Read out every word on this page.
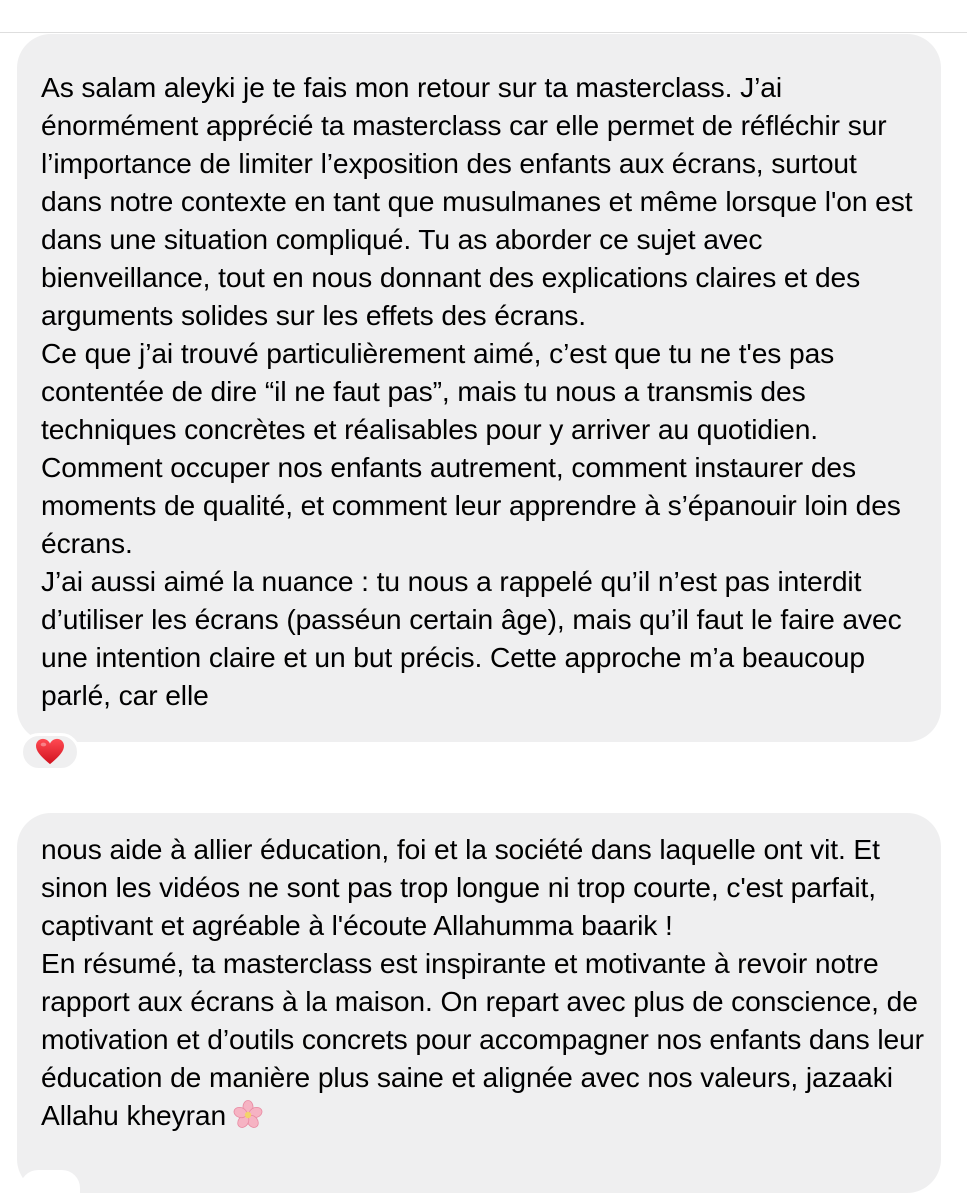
As salam aleyki je te fais mon retour sur ta masterclass. J’ai énormément apprécié ta masterclass car elle permet de réfléchir sur l’importance de limiter l’exposition des enfants aux écrans, surtout dans notre contexte en tant que musulmanes et même lorsque l'on est dans une situation compliqué. Tu as aborder ce sujet avec bienveillance, tout en nous donnant des explications claires et des arguments solides sur les effets des écrans.

Ce que j’ai trouvé particulièrement aimé, c’est que tu ne t'es pas contentée de dire “il ne faut pas”, mais tu nous a transmis des techniques concrètes et réalisables pour y arriver au quotidien. Comment occuper nos enfants autrement, comment instaurer des moments de qualité, et comment leur apprendre à s’épanouir loin des écrans.

J’ai aussi aimé la nuance : tu nous a rappelé qu’il n’est pas interdit d’utiliser les écrans (passéun certain âge), mais qu’il faut le faire avec une intention claire et un but précis. Cette approche m’a beaucoup parlé, car elle

nous aide à allier éducation, foi et la société dans laquelle ont vit. Et sinon les vidéos ne sont pas trop longue ni trop courte, c'est parfait, captivant et agréable à l'écoute Allahumma baarik !

En résumé, ta masterclass est inspirante et motivante à revoir notre rapport aux écrans à la maison. On repart avec plus de conscience, de motivation et d’outils concrets pour accompagner nos enfants dans leur éducation de manière plus saine et alignée avec nos valeurs, jazaaki Allahu kheyran
